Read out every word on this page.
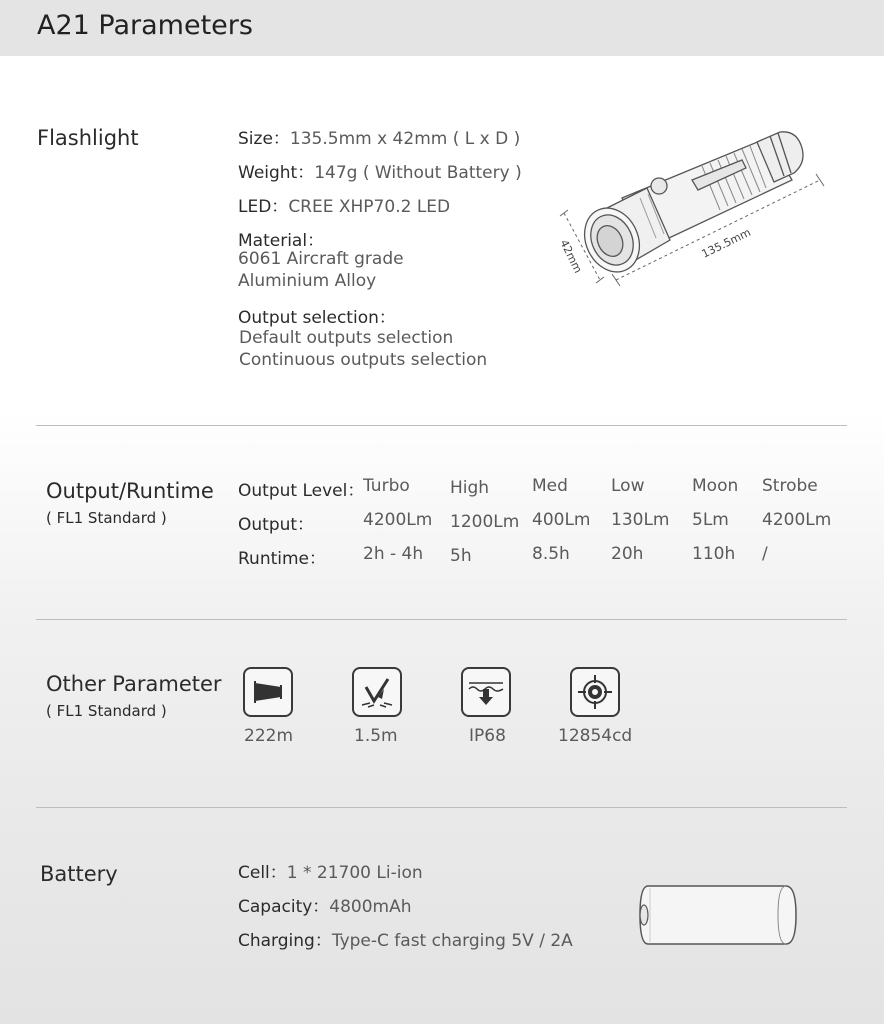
A21 Parameters
Flashlight	Size：135.5mm x 42mm ( L x D )
Weight：147g ( Without Battery )
LED：CREE XHP70.2 LED
Material：
6061 Aircraft grade
Aluminium Alloy
Output selection：
Default outputs selection
Continuous outputs selection
135.5mm
42mm
Output/Runtime
( FL1 Standard )
Output Level：
Output：
Runtime：
Turbo High	Med	Low	Moon Strobe
4200Lm 1200Lm 400Lm 130Lm 5Lm 4200Lm
2h - 4h 5h	8.5h 20h	110h /
Other Parameter
( FL1 Standard )
222m	1.5m	IP68	12854cd
Battery	Cell：1 * 21700 Li-ion
Capacity：4800mAh
Charging：Type-C fast charging 5V / 2A
